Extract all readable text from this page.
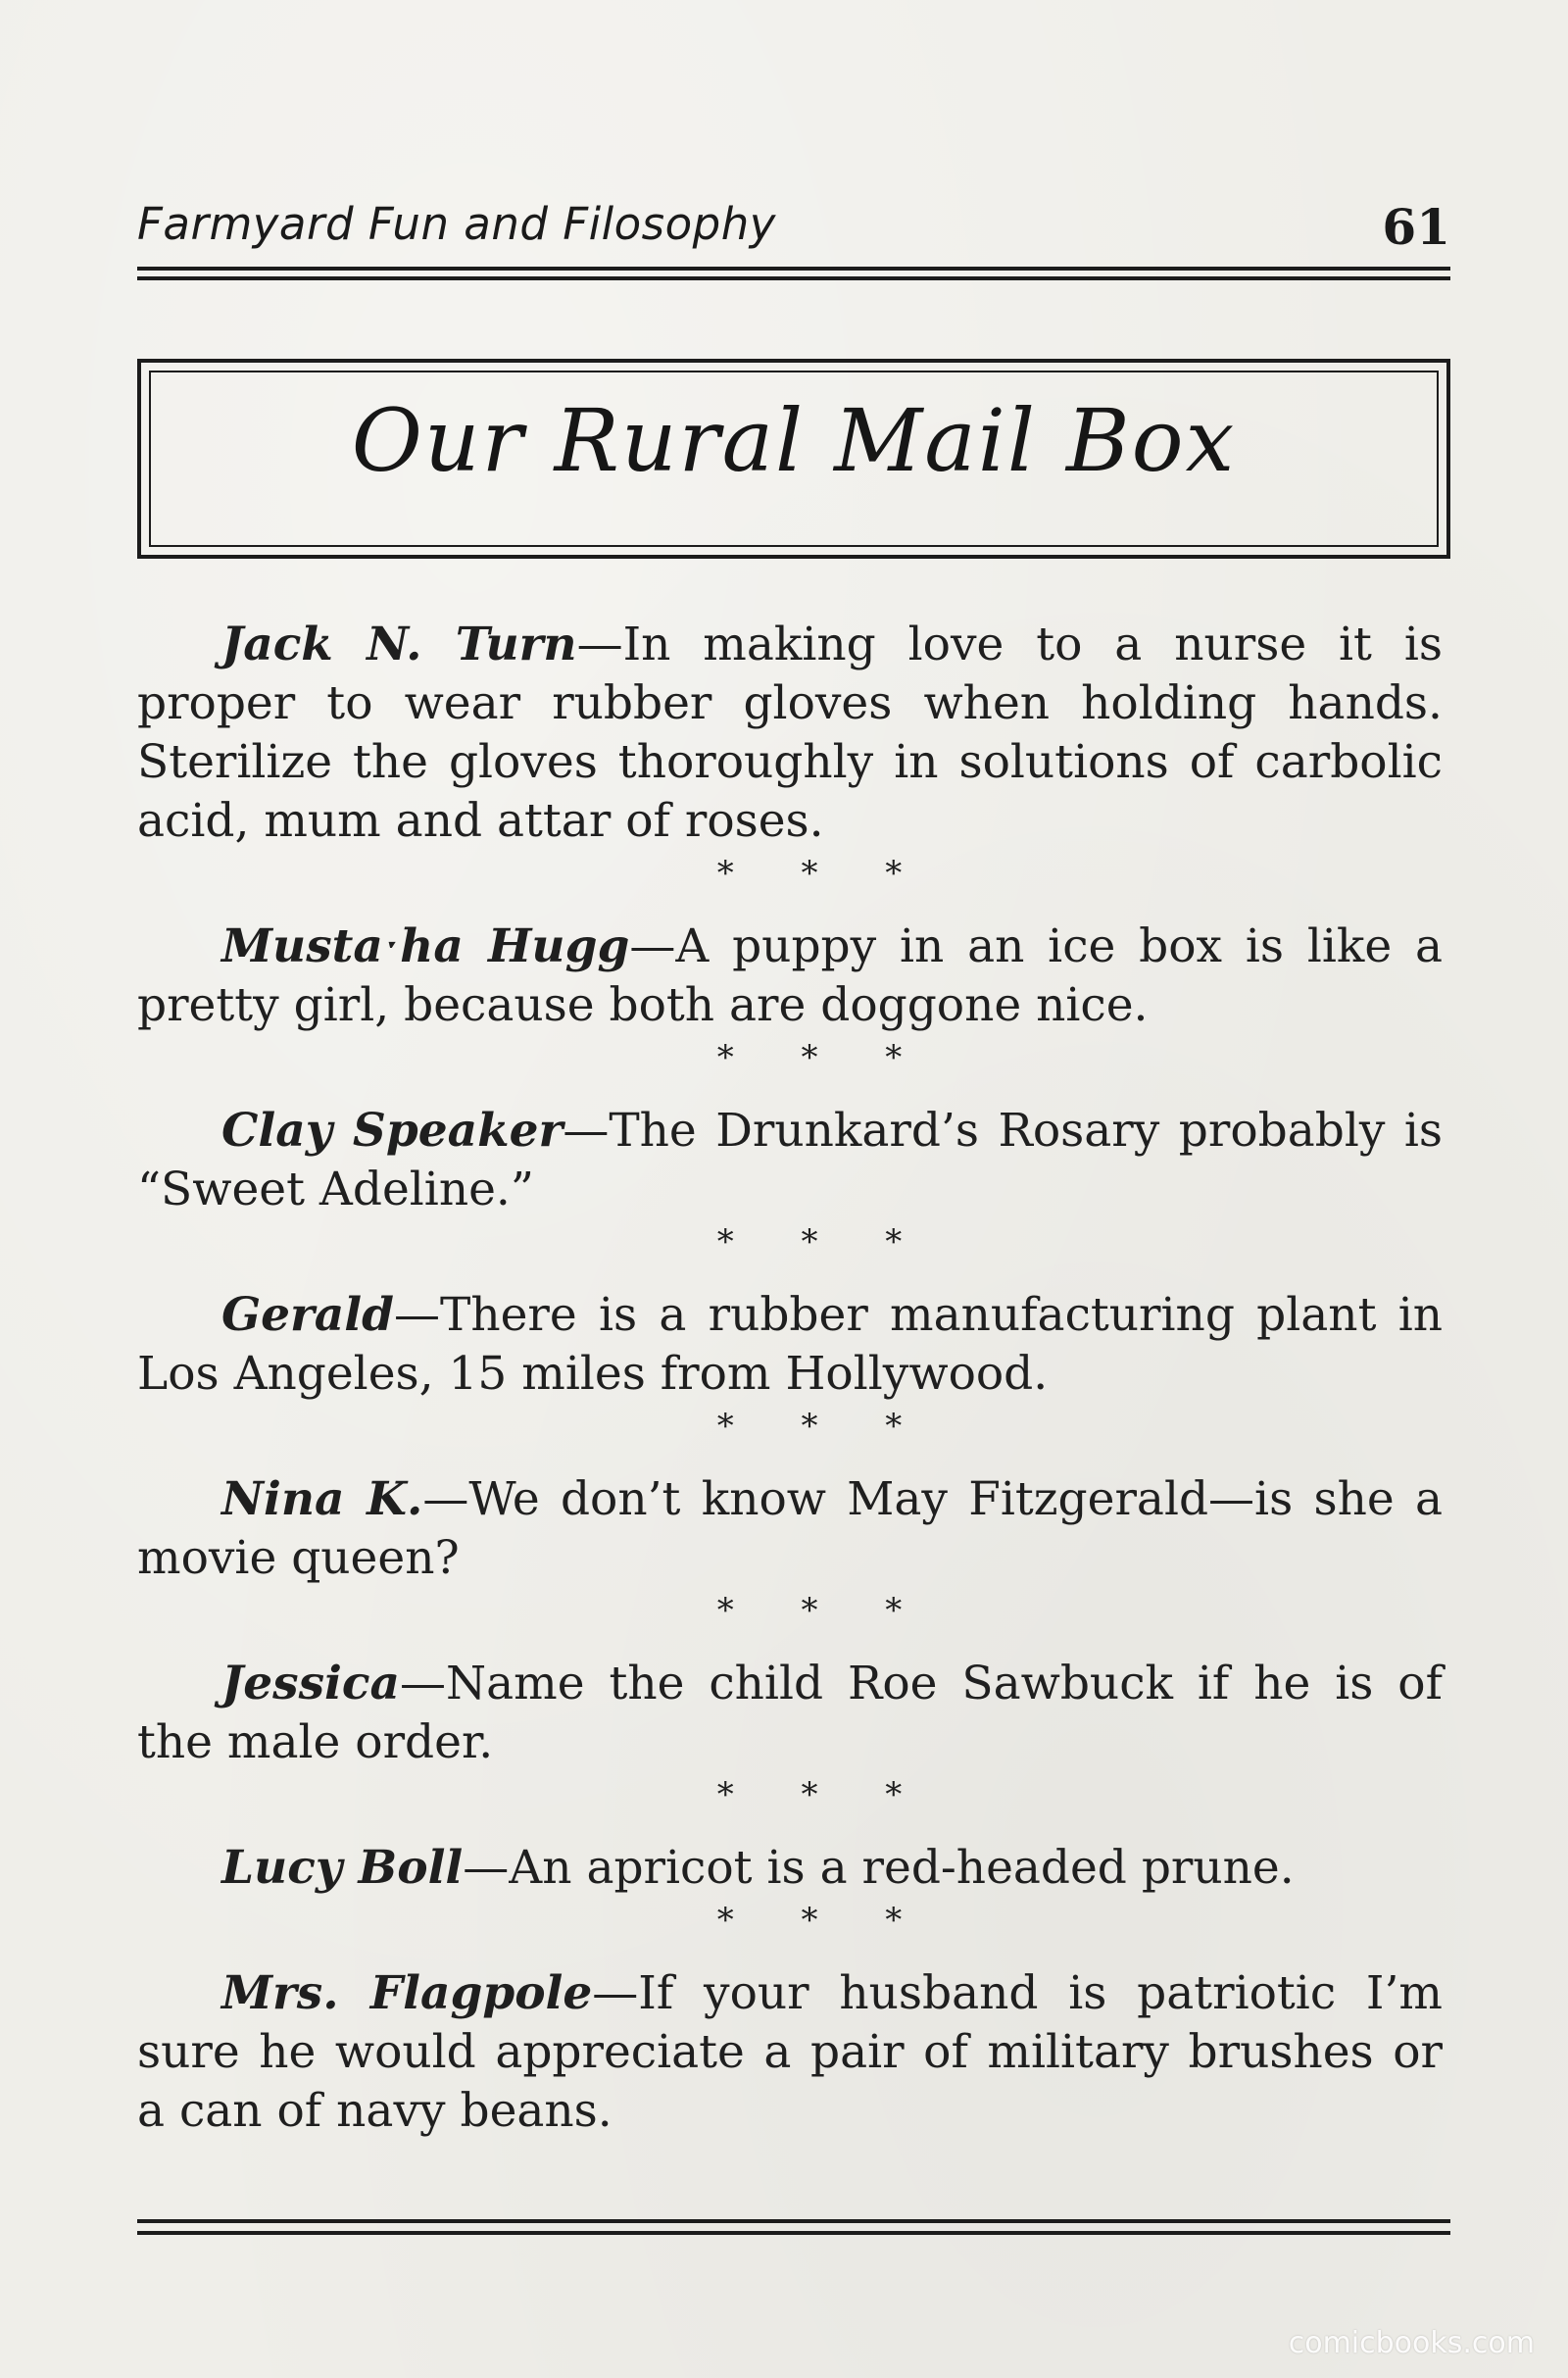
Farmyard Fun and Filosophy	61
Our Rural Mail Box

Jack N. Turn—In making love to a nurse it is proper to wear rubber gloves when holding hands. Sterilize the gloves thoroughly in solutions of carbolic acid, mum and attar of roses.

* * *

Mustaˑha Hugg—A puppy in an ice box is like a pretty girl, because both are doggone nice.

* * *

Clay Speaker—The Drunkard’s Rosary probably is “Sweet Adeline.”

* * *

Gerald—There is a rubber manufacturing plant in Los Angeles, 15 miles from Hollywood.

* * *

Nina K.—We don’t know May Fitzgerald—is she a movie queen?

* * *

Jessica—Name the child Roe Sawbuck if he is of the male order.

* * *

Lucy Boll—An apricot is a red-headed prune.

* * *

Mrs. Flagpole—If your husband is patriotic I’m sure he would appreciate a pair of military brushes or a can of navy beans.

comicbooks.com
